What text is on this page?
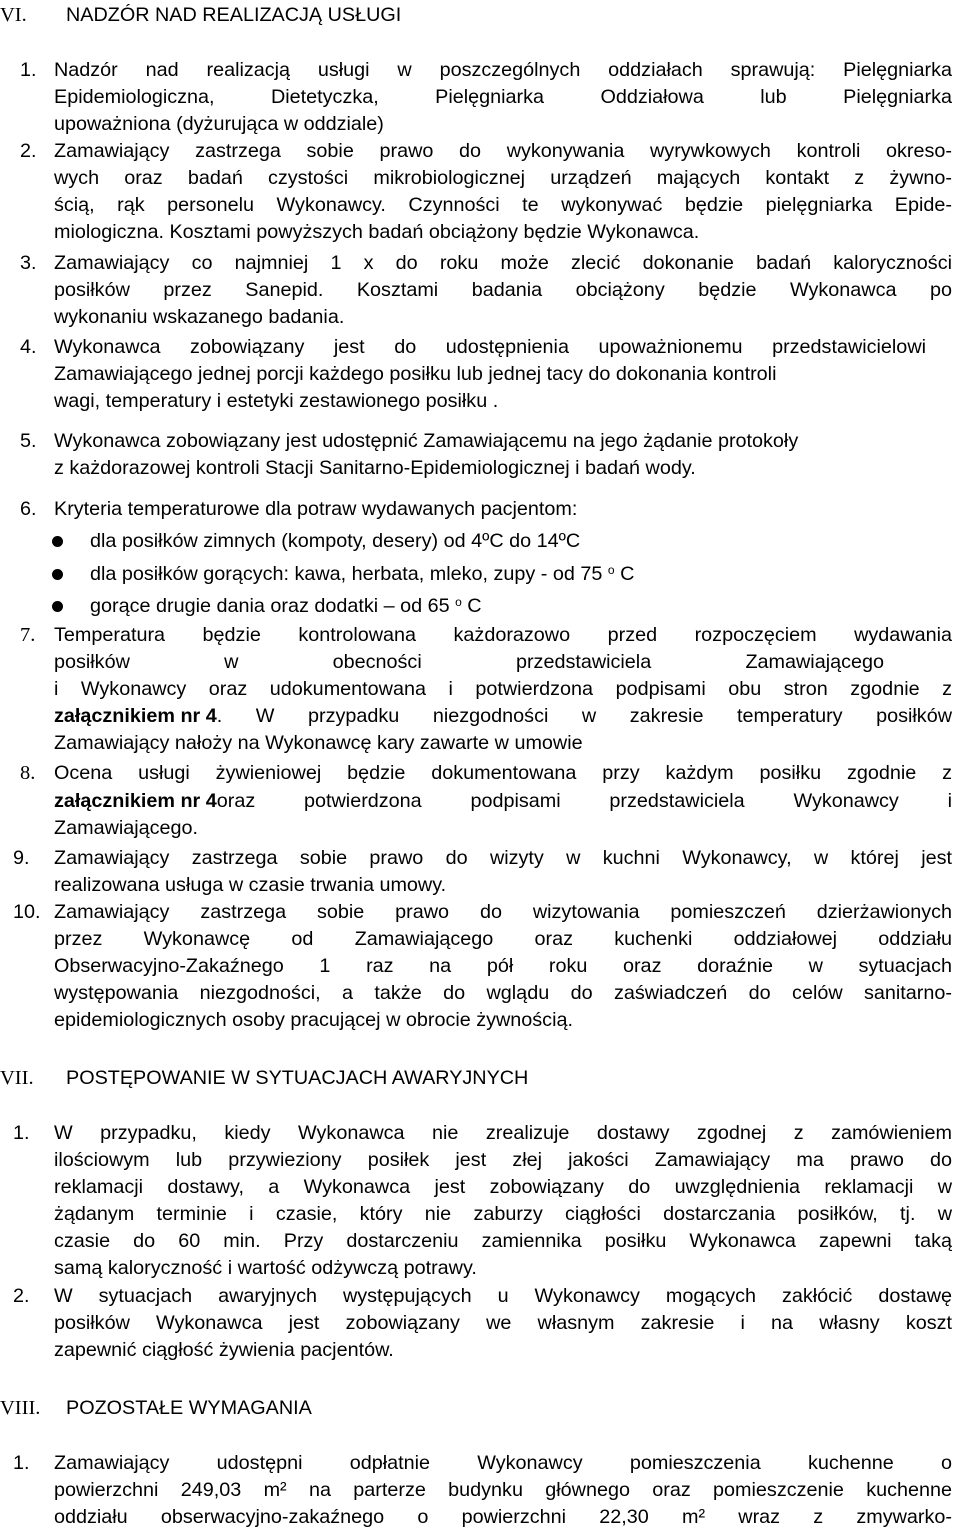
VI. NADZÓR NAD REALIZACJĄ USŁUGI
1. Nadzór nad realizacją usługi w poszczególnych oddziałach sprawują: Pielęgniarka
Epidemiologiczna, Dietetyczka, Pielęgniarka Oddziałowa lub Pielęgniarka
upoważniona (dyżurująca w oddziale)
2. Zamawiający zastrzega sobie prawo do wykonywania wyrywkowych kontroli okreso-
wych oraz badań czystości mikrobiologicznej urządzeń mających kontakt z żywno-
ścią, rąk personelu Wykonawcy. Czynności te wykonywać będzie pielęgniarka Epide-
miologiczna. Kosztami powyższych badań obciążony będzie Wykonawca.
3. Zamawiający co najmniej 1 x do roku może zlecić dokonanie badań kaloryczności
posiłków przez Sanepid. Kosztami badania obciążony będzie Wykonawca po
wykonaniu wskazanego badania.
4. Wykonawca zobowiązany jest do udostępnienia upoważnionemu przedstawicielowi
Zamawiającego jednej porcji każdego posiłku lub jednej tacy do dokonania kontroli
wagi, temperatury i estetyki zestawionego posiłku .
5. Wykonawca zobowiązany jest udostępnić Zamawiającemu na jego żądanie protokoły
z każdorazowej kontroli Stacji Sanitarno-Epidemiologicznej i badań wody.
6. Kryteria temperaturowe dla potraw wydawanych pacjentom:
dla posiłków zimnych (kompoty, desery) od 4ºC do 14ºC
dla posiłków gorących: kawa, herbata, mleko, zupy - od 75 $^o$ C
gorące drugie dania oraz dodatki – od 65 $^o$ C
7. Temperatura będzie kontrolowana każdorazowo przed rozpoczęciem wydawania
posiłków w obecności przedstawiciela Zamawiającego
i Wykonawcy oraz udokumentowana i potwierdzona podpisami obu stron zgodnie z
załącznikiem nr 4 . W przypadku niezgodności w zakresie temperatury posiłków
Zamawiający nałoży na Wykonawcę kary zawarte w umowie
8. Ocena usługi żywieniowej będzie dokumentowana przy każdym posiłku zgodnie z
załącznikiem nr 4 oraz potwierdzona podpisami przedstawiciela Wykonawcy i
Zamawiającego.
9. Zamawiający zastrzega sobie prawo do wizyty w kuchni Wykonawcy, w której jest
realizowana usługa w czasie trwania umowy.
10. Zamawiający zastrzega sobie prawo do wizytowania pomieszczeń dzierżawionych
przez Wykonawcę od Zamawiającego oraz kuchenki oddziałowej oddziału
Obserwacyjno-Zakaźnego 1 raz na pół roku oraz doraźnie w sytuacjach
występowania niezgodności, a także do wglądu do zaświadczeń do celów sanitarno-
epidemiologicznych osoby pracującej w obrocie żywnością.
VII. POSTĘPOWANIE W SYTUACJACH AWARYJNYCH
1. W przypadku, kiedy Wykonawca nie zrealizuje dostawy zgodnej z zamówieniem
ilościowym lub przywieziony posiłek jest złej jakości Zamawiający ma prawo do
reklamacji dostawy, a Wykonawca jest zobowiązany do uwzględnienia reklamacji w
żądanym terminie i czasie, który nie zaburzy ciągłości dostarczania posiłków, tj. w
czasie do 60 min. Przy dostarczeniu zamiennika posiłku Wykonawca zapewni taką
samą kaloryczność i wartość odżywczą potrawy.
2. W sytuacjach awaryjnych występujących u Wykonawcy mogących zakłócić dostawę
posiłków Wykonawca jest zobowiązany we własnym zakresie i na własny koszt
zapewnić ciągłość żywienia pacjentów.
VIII. POZOSTAŁE WYMAGANIA
1. Zamawiający udostępni odpłatnie Wykonawcy pomieszczenia kuchenne o
powierzchni 249,03 m² na parterze budynku głównego oraz pomieszczenie kuchenne
oddziału obserwacyjno-zakaźnego o powierzchni 22,30 m² wraz z zmywarko-
